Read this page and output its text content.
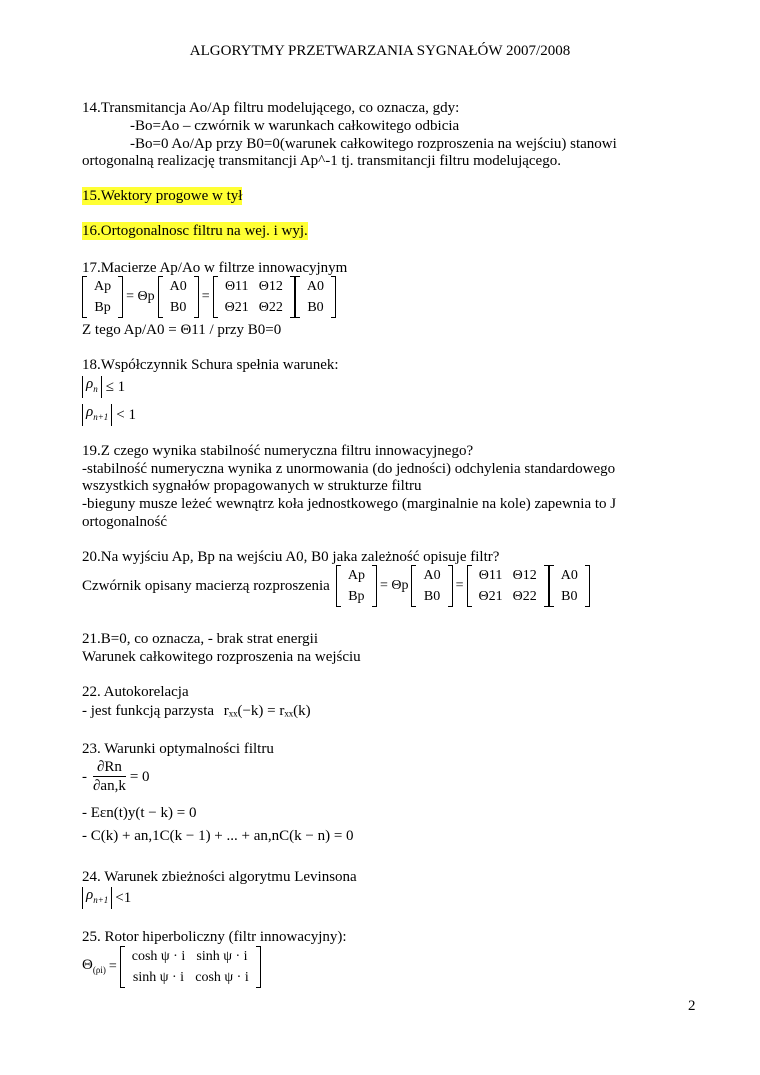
ALGORYTMY PRZETWARZANIA SYGNAŁÓW 2007/2008
14.Transmitancja Ao/Ap filtru modelującego, co oznacza, gdy:
-Bo=Ao – czwórnik w warunkach całkowitego odbicia
-Bo=0 Ao/Ap przy B0=0(warunek całkowitego rozproszenia na wejściu) stanowi
ortogonalną realizację transmitancji Ap^-1 tj. transmitancji filtru modelującego.
15.Wektory progowe w tył
16.Ortogonalnosc filtru na wej. i wyj.
17.Macierze Ap/Ao w filtrze innowacyjnym
Ap
Bp
= Θp
A0
B0
=
Θ11	Θ12
Θ21	Θ22
A0
B0
Z tego Ap/A0 = Θ11 / przy B0=0
18.Współczynnik Schura spełnia warunek:
$\rho_n \le 1$
$\rho_{n+1} < 1$
19.Z czego wynika stabilność numeryczna filtru innowacyjnego?
-stabilność numeryczna wynika z unormowania (do jedności) odchylenia standardowego
wszystkich sygnałów propagowanych w strukturze filtru
-bieguny musze leżeć wewnątrz koła jednostkowego (marginalnie na kole) zapewnia to J
ortogonalność
20.Na wyjściu Ap, Bp na wejściu A0, B0 jaka zależność opisuje filtr?
Czwórnik opisany macierzą rozproszenia
Ap
Bp
= Θp
A0
B0
=
Θ11	Θ12
Θ21	Θ22
A0
B0
21.B=0, co oznacza, - brak strat energii
Warunek całkowitego rozproszenia na wejściu
22. Autokorelacja
- jest funkcją parzysta rₓₓ(−k) = rₓₓ(k)
23. Warunki optymalności filtru
- $\frac{\partial Rn}{\partial an,k} = 0$
- Eεn(t)y(t − k) = 0
- C(k) + an,1C(k − 1) + ... + an,nC(k − n) = 0
24. Warunek zbieżności algorytmu Levinsona
$\rho_{n+1} <1$
25. Rotor hiperboliczny (filtr innowacyjny):
$\Theta_{(\rho i)}$ =
cosh ψ · i	sinh ψ · i
sinh ψ · i	cosh ψ · i
2
